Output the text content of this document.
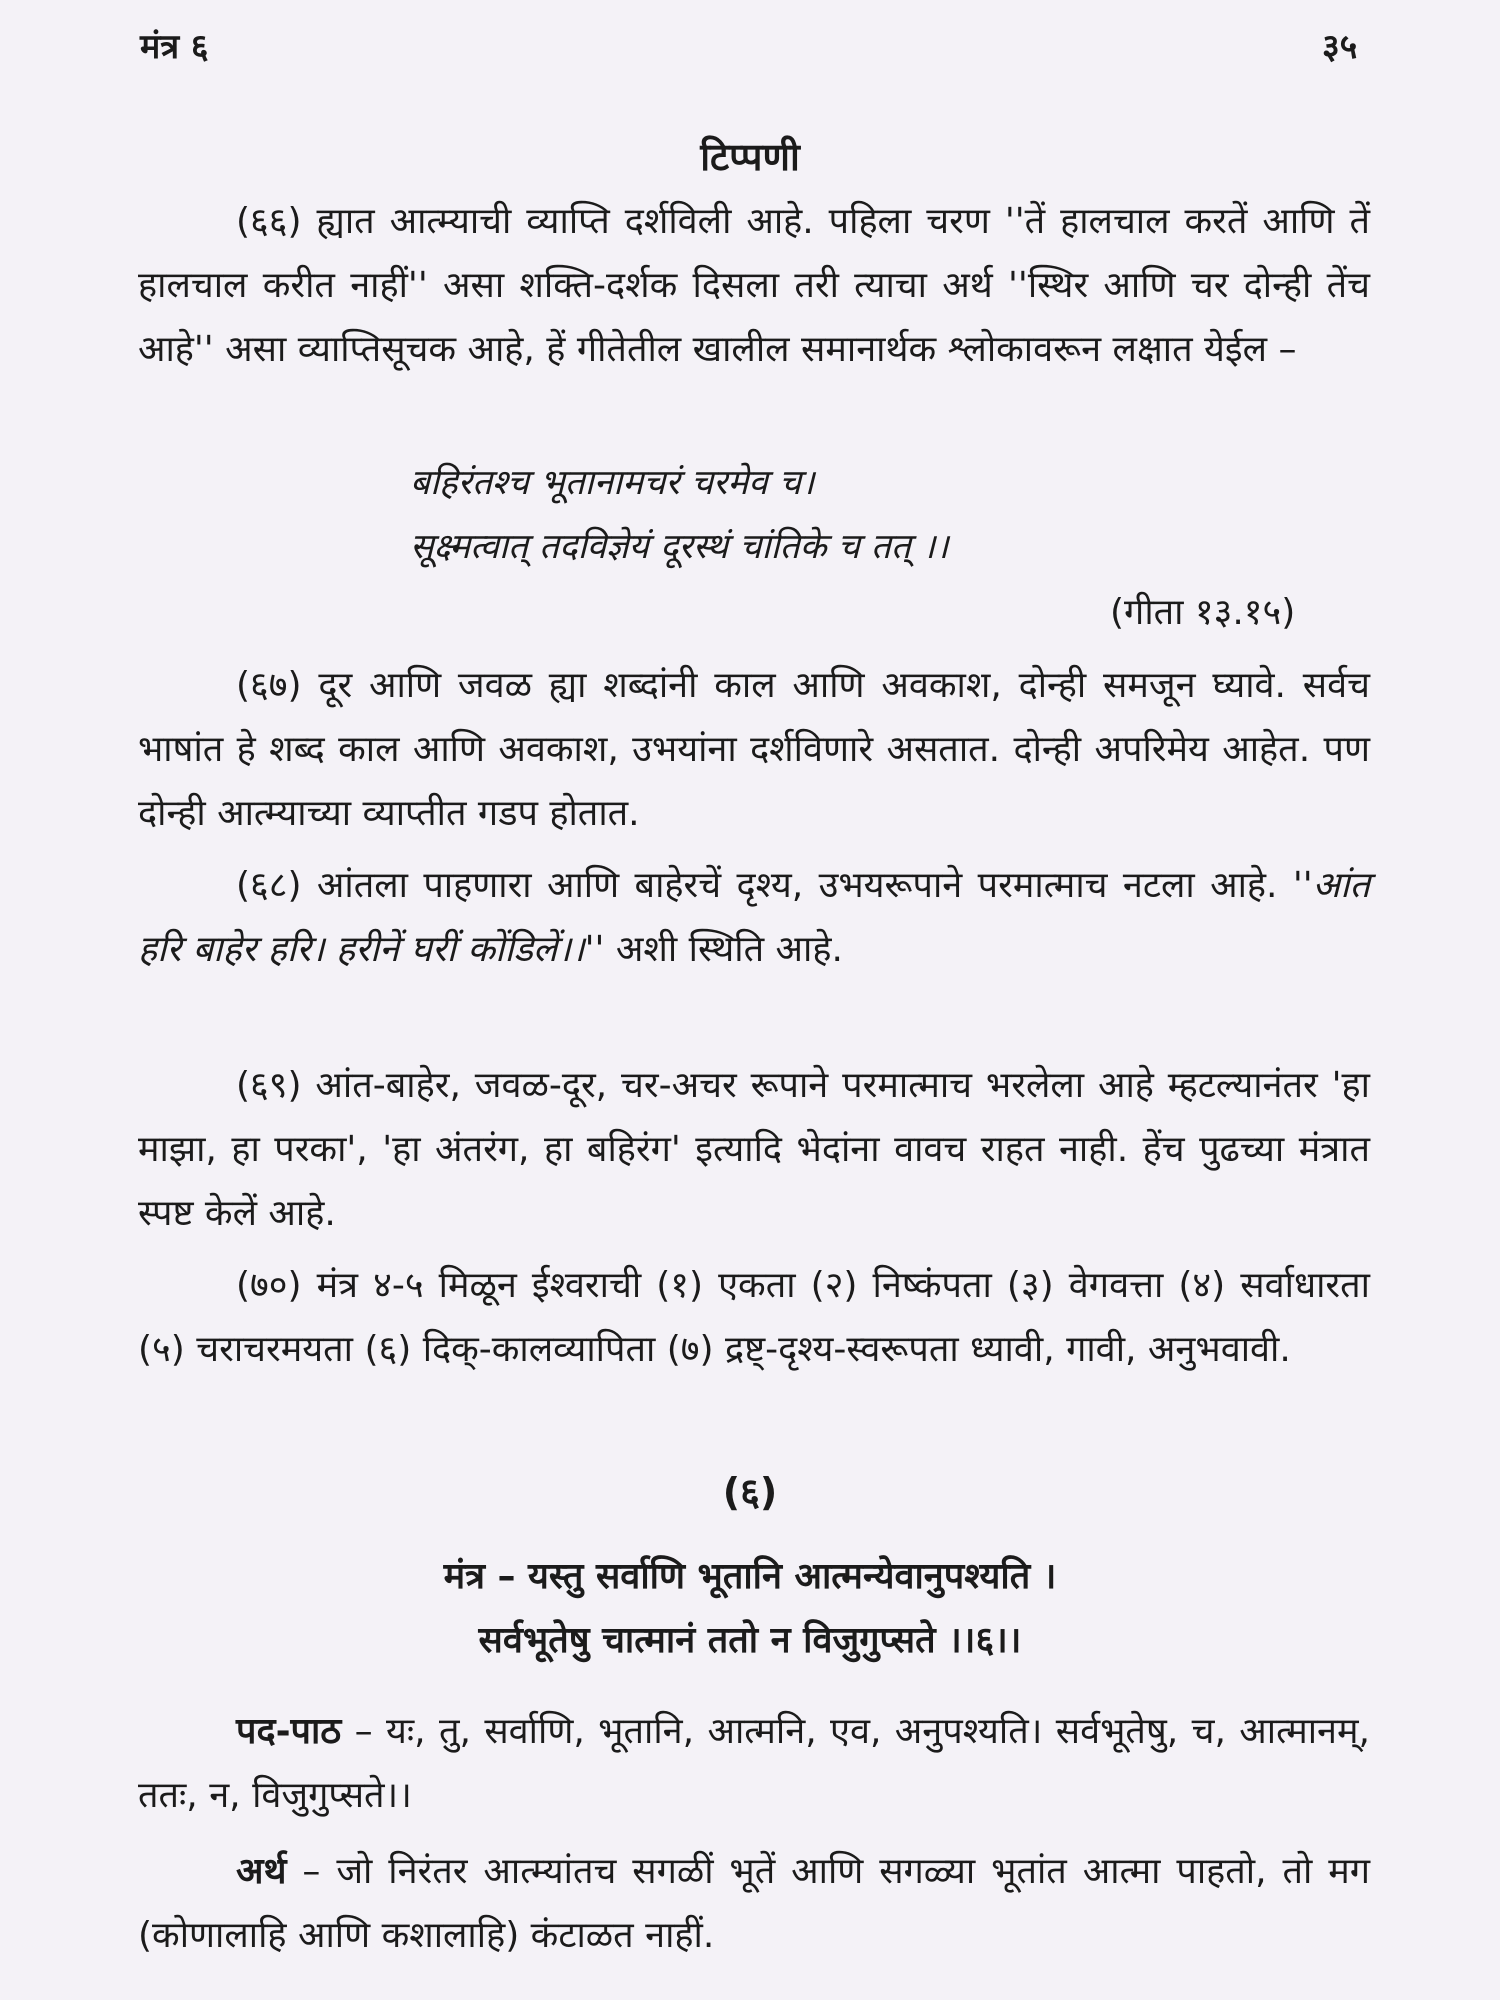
मंत्र ६	३५
टिप्पणी

(६६) ह्यात आत्म्याची व्याप्ति दर्शविली आहे. पहिला चरण ''तें हालचाल करतें आणि तें हालचाल करीत नाहीं'' असा शक्ति-दर्शक दिसला तरी त्याचा अर्थ ''स्थिर आणि चर दोन्ही तेंच आहे'' असा व्याप्तिसूचक आहे, हें गीतेतील खालील समानार्थक श्लोकावरून लक्षात येईल –

बहिरंतश्च भूतानामचरं चरमेव च।
सूक्ष्मत्वात् तदविज्ञेयं दूरस्थं चांतिके च तत् ।।
(गीता १३.१५)

(६७) दूर आणि जवळ ह्या शब्दांनी काल आणि अवकाश, दोन्ही समजून घ्यावे. सर्वच भाषांत हे शब्द काल आणि अवकाश, उभयांना दर्शविणारे असतात. दोन्ही अपरिमेय आहेत. पण दोन्ही आत्म्याच्या व्याप्तीत गडप होतात.

(६८) आंतला पाहणारा आणि बाहेरचें दृश्य, उभयरूपाने परमात्माच नटला आहे. ''आंत हरि बाहेर हरि। हरीनें घरीं कोंडिलें।।'' अशी स्थिति आहे.

(६९) आंत-बाहेर, जवळ-दूर, चर-अचर रूपाने परमात्माच भरलेला आहे म्हटल्यानंतर 'हा माझा, हा परका', 'हा अंतरंग, हा बहिरंग' इत्यादि भेदांना वावच राहत नाही. हेंच पुढच्या मंत्रात स्पष्ट केलें आहे.

(७०) मंत्र ४-५ मिळून ईश्वराची (१) एकता (२) निष्कंपता (३) वेगवत्ता (४) सर्वाधारता (५) चराचरमयता (६) दिक्-कालव्यापिता (७) द्रष्ट्-दृश्य-स्वरूपता ध्यावी, गावी, अनुभवावी.

(६)
मंत्र – यस्तु सर्वाणि भूतानि आत्मन्येवानुपश्यति ।
सर्वभूतेषु चात्मानं ततो न विजुगुप्सते ।।६।।

पद-पाठ – यः, तु, सर्वाणि, भूतानि, आत्मनि, एव, अनुपश्यति। सर्वभूतेषु, च, आत्मानम्, ततः, न, विजुगुप्सते।।

अर्थ – जो निरंतर आत्म्यांतच सगळीं भूतें आणि सगळ्या भूतांत आत्मा पाहतो, तो मग (कोणालाहि आणि कशालाहि) कंटाळत नाहीं.
